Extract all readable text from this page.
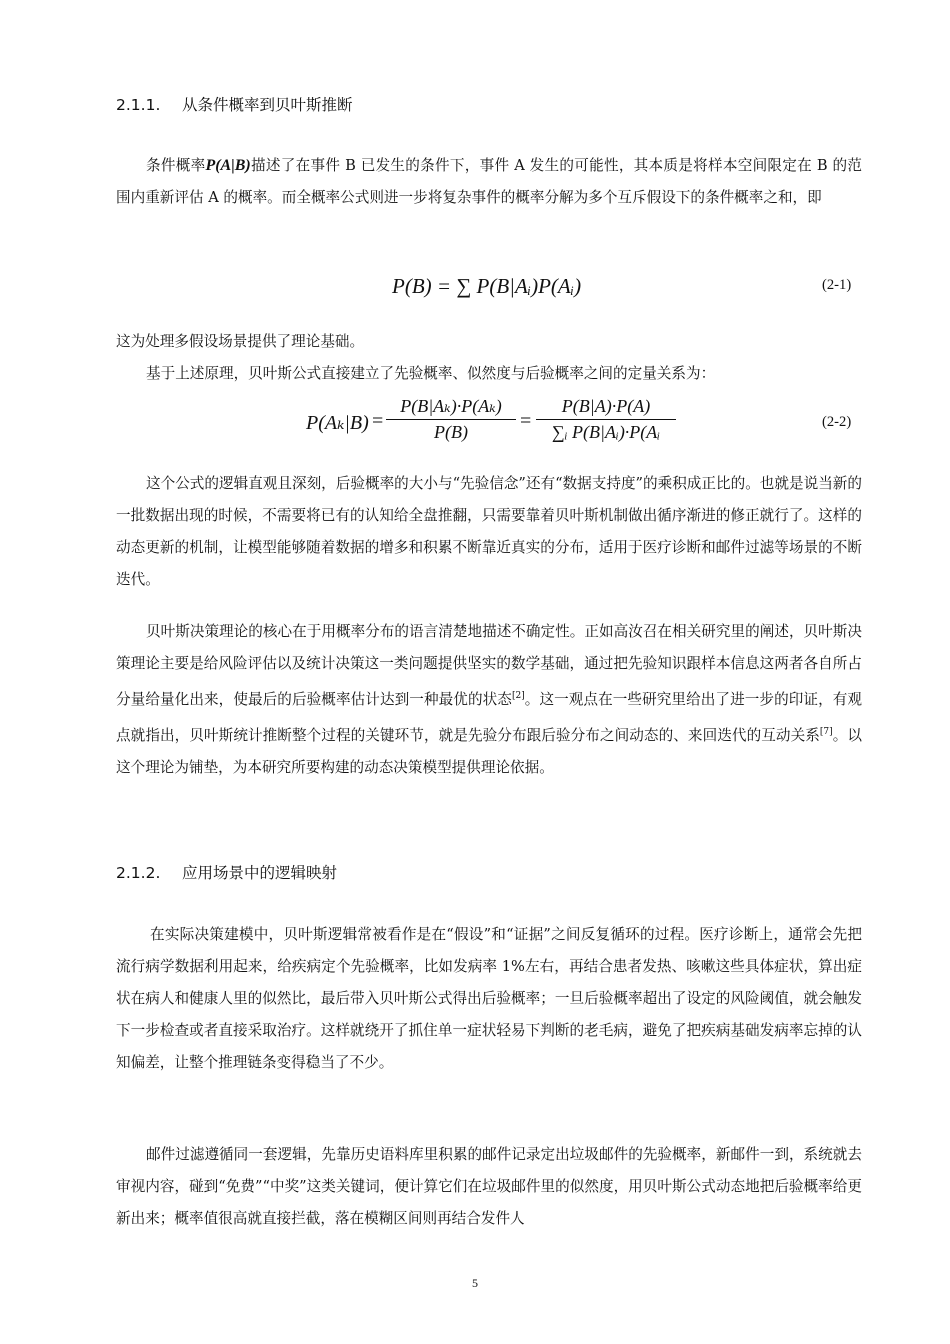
2.1.1. 从条件概率到贝叶斯推断

条件概率P(A|B)描述了在事件 B 已发生的条件下，事件 A 发生的可能性，其本质是将样本空间限定在 B 的范围内重新评估 A 的概率。而全概率公式则进一步将复杂事件的概率分解为多个互斥假设下的条件概率之和，即

P(B) = ∑ P(B|Aᵢ)P(Aᵢ)	(2-1)

这为处理多假设场景提供了理论基础。

基于上述原理，贝叶斯公式直接建立了先验概率、似然度与后验概率之间的定量关系为：

P(Aₖ|B) =
P(B|Aₖ)·P(Aₖ)
P(B)	=
P(B|A)·P(A)
∑ᵢ P(B|Aᵢ)·P(Aᵢ	(2-2)

这个公式的逻辑直观且深刻，后验概率的大小与“先验信念”还有“数据支持度”的乘积成正比的。也就是说当新的一批数据出现的时候，不需要将已有的认知给全盘推翻，只需要靠着贝叶斯机制做出循序渐进的修正就行了。这样的动态更新的机制，让模型能够随着数据的增多和积累不断靠近真实的分布，适用于医疗诊断和邮件过滤等场景的不断迭代。

贝叶斯决策理论的核心在于用概率分布的语言清楚地描述不确定性。正如高汝召在相关研究里的阐述，贝叶斯决策理论主要是给风险评估以及统计决策这一类问题提供坚实的数学基础，通过把先验知识跟样本信息这两者各自所占分量给量化出来，使最后的后验概率估计达到一种最优的状态[2]。这一观点在一些研究里给出了进一步的印证，有观点就指出，贝叶斯统计推断整个过程的关键环节，就是先验分布跟后验分布之间动态的、来回迭代的互动关系[7]。以这个理论为铺垫，为本研究所要构建的动态决策模型提供理论依据。

2.1.2. 应用场景中的逻辑映射

在实际决策建模中，贝叶斯逻辑常被看作是在“假设”和“证据”之间反复循环的过程。医疗诊断上，通常会先把流行病学数据利用起来，给疾病定个先验概率，比如发病率 1%左右，再结合患者发热、咳嗽这些具体症状，算出症状在病人和健康人里的似然比，最后带入贝叶斯公式得出后验概率；一旦后验概率超出了设定的风险阈值，就会触发下一步检查或者直接采取治疗。这样就绕开了抓住单一症状轻易下判断的老毛病，避免了把疾病基础发病率忘掉的认知偏差，让整个推理链条变得稳当了不少。

邮件过滤遵循同一套逻辑，先靠历史语料库里积累的邮件记录定出垃圾邮件的先验概率，新邮件一到，系统就去审视内容，碰到“免费”“中奖”这类关键词，便计算它们在垃圾邮件里的似然度，用贝叶斯公式动态地把后验概率给更新出来；概率值很高就直接拦截，落在模糊区间则再结合发件人

5
